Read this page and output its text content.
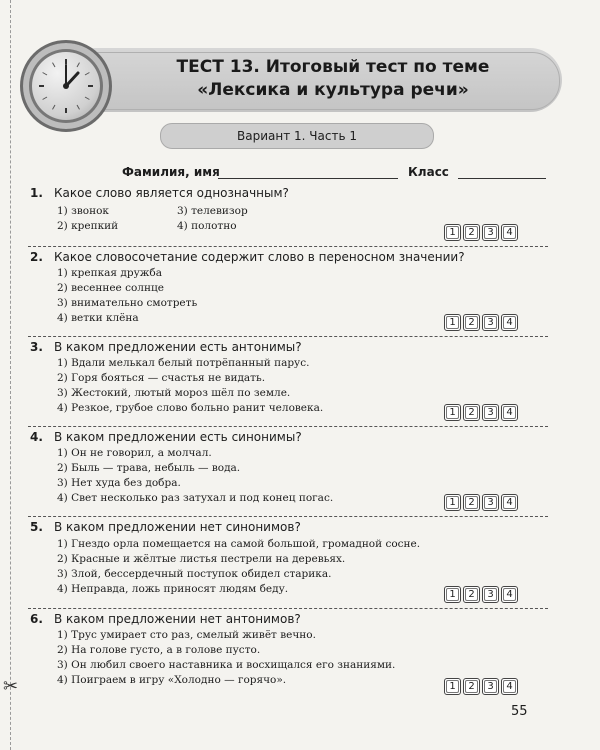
✂
ТЕСТ 13. Итоговый тест по теме
«Лексика и культура речи»
Вариант 1. Часть 1
Фамилия, имя	Класс
1. Какое слово является однозначным?
1) звонок
2) крепкий
3) телевизор
4) полотно
1 2 3 4
2. Какое словосочетание содержит слово в переносном значении?
1) крепкая дружба
2) весеннее солнце
3) внимательно смотреть
4) ветки клёна	1 2 3 4
3. В каком предложении есть антонимы?
1) Вдали мелькал белый потрёпанный парус.
2) Горя бояться — счастья не видать.
3) Жестокий, лютый мороз шёл по земле.
4) Резкое, грубое слово больно ранит человека.	1 2 3 4
4. В каком предложении есть синонимы?
1) Он не говорил, а молчал.
2) Быль — трава, небыль — вода.
3) Нет худа без добра.
4) Свет несколько раз затухал и под конец погас.	1 2 3 4
5. В каком предложении нет синонимов?
1) Гнездо орла помещается на самой большой, громадной сосне.
2) Красные и жёлтые листья пестрели на деревьях.
3) Злой, бессердечный поступок обидел старика.
4) Неправда, ложь приносят людям беду.	1 2 3 4
6. В каком предложении нет антонимов?
1) Трус умирает сто раз, смелый живёт вечно.
2) На голове густо, а в голове пусто.
3) Он любил своего наставника и восхищался его знаниями.
4) Поиграем в игру «Холодно — горячо».
1 2 3 4
55
